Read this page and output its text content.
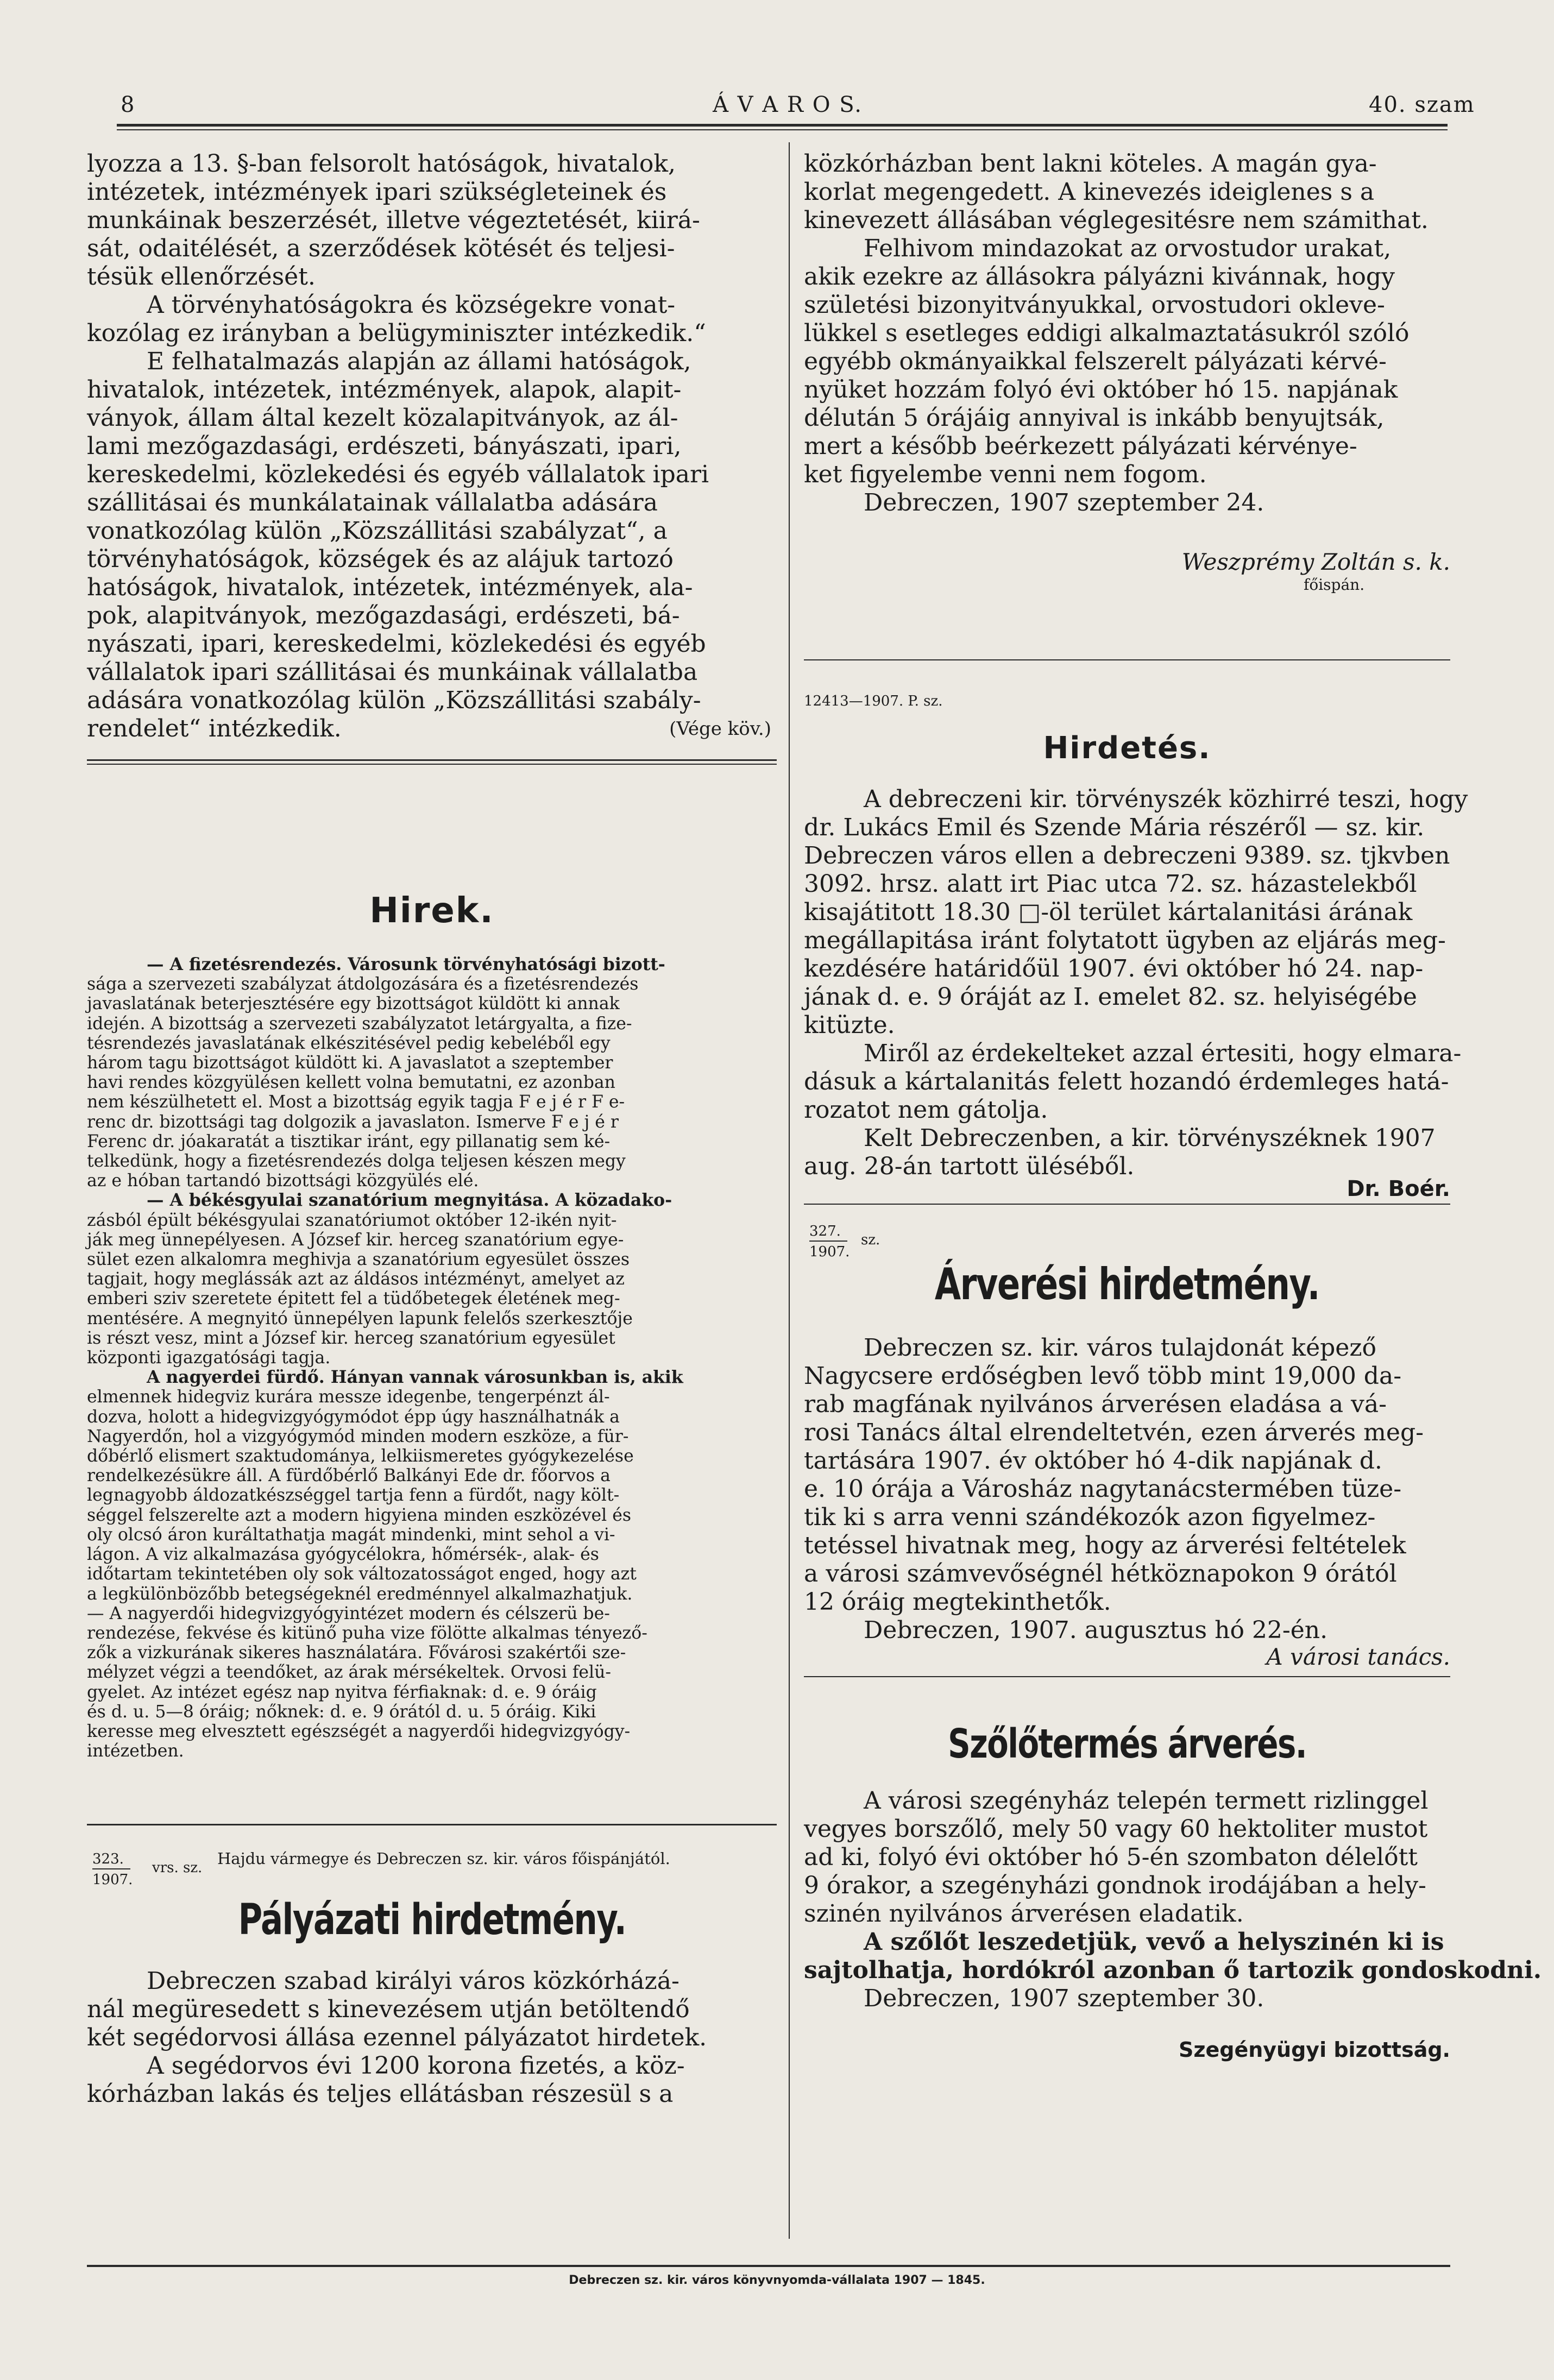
8	Á V A R O S.	40. szam
lyozza a 13. §-ban felsorolt hatóságok, hivatalok,
intézetek, intézmények ipari szükségleteinek és
munkáinak beszerzését, illetve végeztetését, kiirá-
sát, odaitélését, a szerződések kötését és teljesi-
tésük ellenőrzését.
A törvényhatóságokra és községekre vonat-
kozólag ez irányban a belügyminiszter intézkedik.“
E felhatalmazás alapján az állami hatóságok,
hivatalok, intézetek, intézmények, alapok, alapit-
ványok, állam által kezelt közalapitványok, az ál-
lami mezőgazdasági, erdészeti, bányászati, ipari,
kereskedelmi, közlekedési és egyéb vállalatok ipari
szállitásai és munkálatainak vállalatba adására
vonatkozólag külön „Közszállitási szabályzat“, a
törvényhatóságok, községek és az alájuk tartozó
hatóságok, hivatalok, intézetek, intézmények, ala-
pok, alapitványok, mezőgazdasági, erdészeti, bá-
nyászati, ipari, kereskedelmi, közlekedési és egyéb
vállalatok ipari szállitásai és munkáinak vállalatba
adására vonatkozólag külön „Közszállitási szabály-
rendelet“ intézkedik.	(Vége köv.)
Hirek.
— A fizetésrendezés. Városunk törvényhatósági bizott-
sága a szervezeti szabályzat átdolgozására és a fizetésrendezés
javaslatának beterjesztésére egy bizottságot küldött ki annak
idején. A bizottság a szervezeti szabályzatot letárgyalta, a fize-
tésrendezés javaslatának elkészitésével pedig kebeléből egy
három tagu bizottságot küldött ki. A javaslatot a szeptember
havi rendes közgyülésen kellett volna bemutatni, ez azonban
nem készülhetett el. Most a bizottság egyik tagja F e j é r F e-
renc dr. bizottsági tag dolgozik a javaslaton. Ismerve F e j é r
Ferenc dr. jóakaratát a tisztikar iránt, egy pillanatig sem ké-
telkedünk, hogy a fizetésrendezés dolga teljesen készen megy
az e hóban tartandó bizottsági közgyülés elé.
— A békésgyulai szanatórium megnyitása. A közadako-
zásból épült békésgyulai szanatóriumot október 12-ikén nyit-
ják meg ünnepélyesen. A József kir. herceg szanatórium egye-
sület ezen alkalomra meghivja a szanatórium egyesület összes
tagjait, hogy meglássák azt az áldásos intézményt, amelyet az
emberi sziv szeretete épitett fel a tüdőbetegek életének meg-
mentésére. A megnyitó ünnepélyen lapunk felelős szerkesztője
is részt vesz, mint a József kir. herceg szanatórium egyesület
központi igazgatósági tagja.
A nagyerdei fürdő. Hányan vannak városunkban is, akik
elmennek hidegviz kurára messze idegenbe, tengerpénzt ál-
dozva, holott a hidegvizgyógymódot épp úgy használhatnák a
Nagyerdőn, hol a vizgyógymód minden modern eszköze, a für-
dőbérlő elismert szaktudományа, lelkiismeretes gyógykezelése
rendelkezésükre áll. A fürdőbérlő Balkányi Ede dr. főorvos a
legnagyobb áldozatkészséggel tartja fenn a fürdőt, nagy költ-
séggel felszerelte azt a modern higyiena minden eszközével és
oly olcsó áron kuráltathatja magát mindenki, mint sehol a vi-
lágon. A viz alkalmazása gyógycélokra, hőmérsék-, alak- és
időtartam tekintetében oly sok változatosságot enged, hogy azt
a legkülönbözőbb betegségeknél eredménnyel alkalmazhatjuk.
— A nagyerdői hidegvizgyógyintézet modern és célszerü be-
rendezése, fekvése és kitünő puha vize fölötte alkalmas tényező-
zők a vizkurának sikeres használatára. Fővárosi szakértői sze-
mélyzet végzi a teendőket, az árak mérsékeltek. Orvosi felü-
gyelet. Az intézet egész nap nyitva férfiaknak: d. e. 9 óráig
és d. u. 5—8 óráig; nőknek: d. e. 9 órától d. u. 5 óráig. Kiki
keresse meg elvesztett egészségét a nagyerdői hidegvizgyógy-
intézetben.
323.
1907.
vrs. sz. Hajdu vármegye és Debreczen sz. kir. város főispánjától.
Pályázati hirdetmény.
Debreczen szabad királyi város közkórházá-
nál megüresedett s kinevezésem utján betöltendő
két segédorvosi állása ezennel pályázatot hirdetek.
A segédorvos évi 1200 korona fizetés, a köz-
kórházban lakás és teljes ellátásban részesül s a
közkórházban bent lakni köteles. A magán gya-
korlat megengedett. A kinevezés ideiglenes s a
kinevezett állásában véglegesitésre nem számithat.
Felhivom mindazokat az orvostudor urakat,
akik ezekre az állásokra pályázni kivánnak, hogy
születési bizonyitványukkal, orvostudori okleve-
lükkel s esetleges eddigi alkalmaztatásukról szóló
egyébb okmányaikkal felszerelt pályázati kérvé-
nyüket hozzám folyó évi október hó 15. napjának
délután 5 órájáig annyival is inkább benyujtsák,
mert a később beérkezett pályázati kérvénye-
ket figyelembe venni nem fogom.
Debreczen, 1907 szeptember 24.
Weszprémy Zoltán s. k.
főispán.
12413—1907. P. sz.
Hirdetés.
A debreczeni kir. törvényszék közhirré teszi, hogy
dr. Lukács Emil és Szende Mária részéről — sz. kir.
Debreczen város ellen a debreczeni 9389. sz. tjkvben
3092. hrsz. alatt irt Piac utca 72. sz. házastelekből
kisajátitott 18.30 □-öl terület kártalanitási árának
megállapitása iránt folytatott ügyben az eljárás meg-
kezdésére határidőül 1907. évi október hó 24. nap-
jának d. e. 9 óráját az I. emelet 82. sz. helyiségébe
kitüzte.
Miről az érdekelteket azzal értesiti, hogy elmara-
dásuk a kártalanitás felett hozandó érdemleges hatá-
rozatot nem gátolja.
Kelt Debreczenben, a kir. törvényszéknek 1907
aug. 28-án tartott üléséből.
Dr. Boér.
327.
1907.
sz.
Árverési hirdetmény.
Debreczen sz. kir. város tulajdonát képező
Nagycsere erdőségben levő több mint 19,000 da-
rab magfának nyilvános árverésen eladása a vá-
rosi Tanács által elrendeltetvén, ezen árverés meg-
tartására 1907. év október hó 4-dik napjának d.
e. 10 órája a Városház nagytanácstermében tüze-
tik ki s arra venni szándékozók azon figyelmez-
tetéssel hivatnak meg, hogy az árverési feltételek
a városi számvevőségnél hétköznapokon 9 órától
12 óráig megtekinthetők.
Debreczen, 1907. augusztus hó 22-én.
A városi tanács.
Szőlőtermés árverés.
A városi szegényház telepén termett rizlinggel
vegyes borszőlő, mely 50 vagy 60 hektoliter mustot
ad ki, folyó évi október hó 5-én szombaton délelőtt
9 órakor, a szegényházi gondnok irodájában a hely-
szinén nyilvános árverésen eladatik.
A szőlőt leszedetjük, vevő a helyszinén ki is
sajtolhatja, hordókról azonban ő tartozik gondoskodni.
Debreczen, 1907 szeptember 30.
Szegényügyi bizottság.
Debreczen sz. kir. város könyvnyomda-vállalata 1907 — 1845.
